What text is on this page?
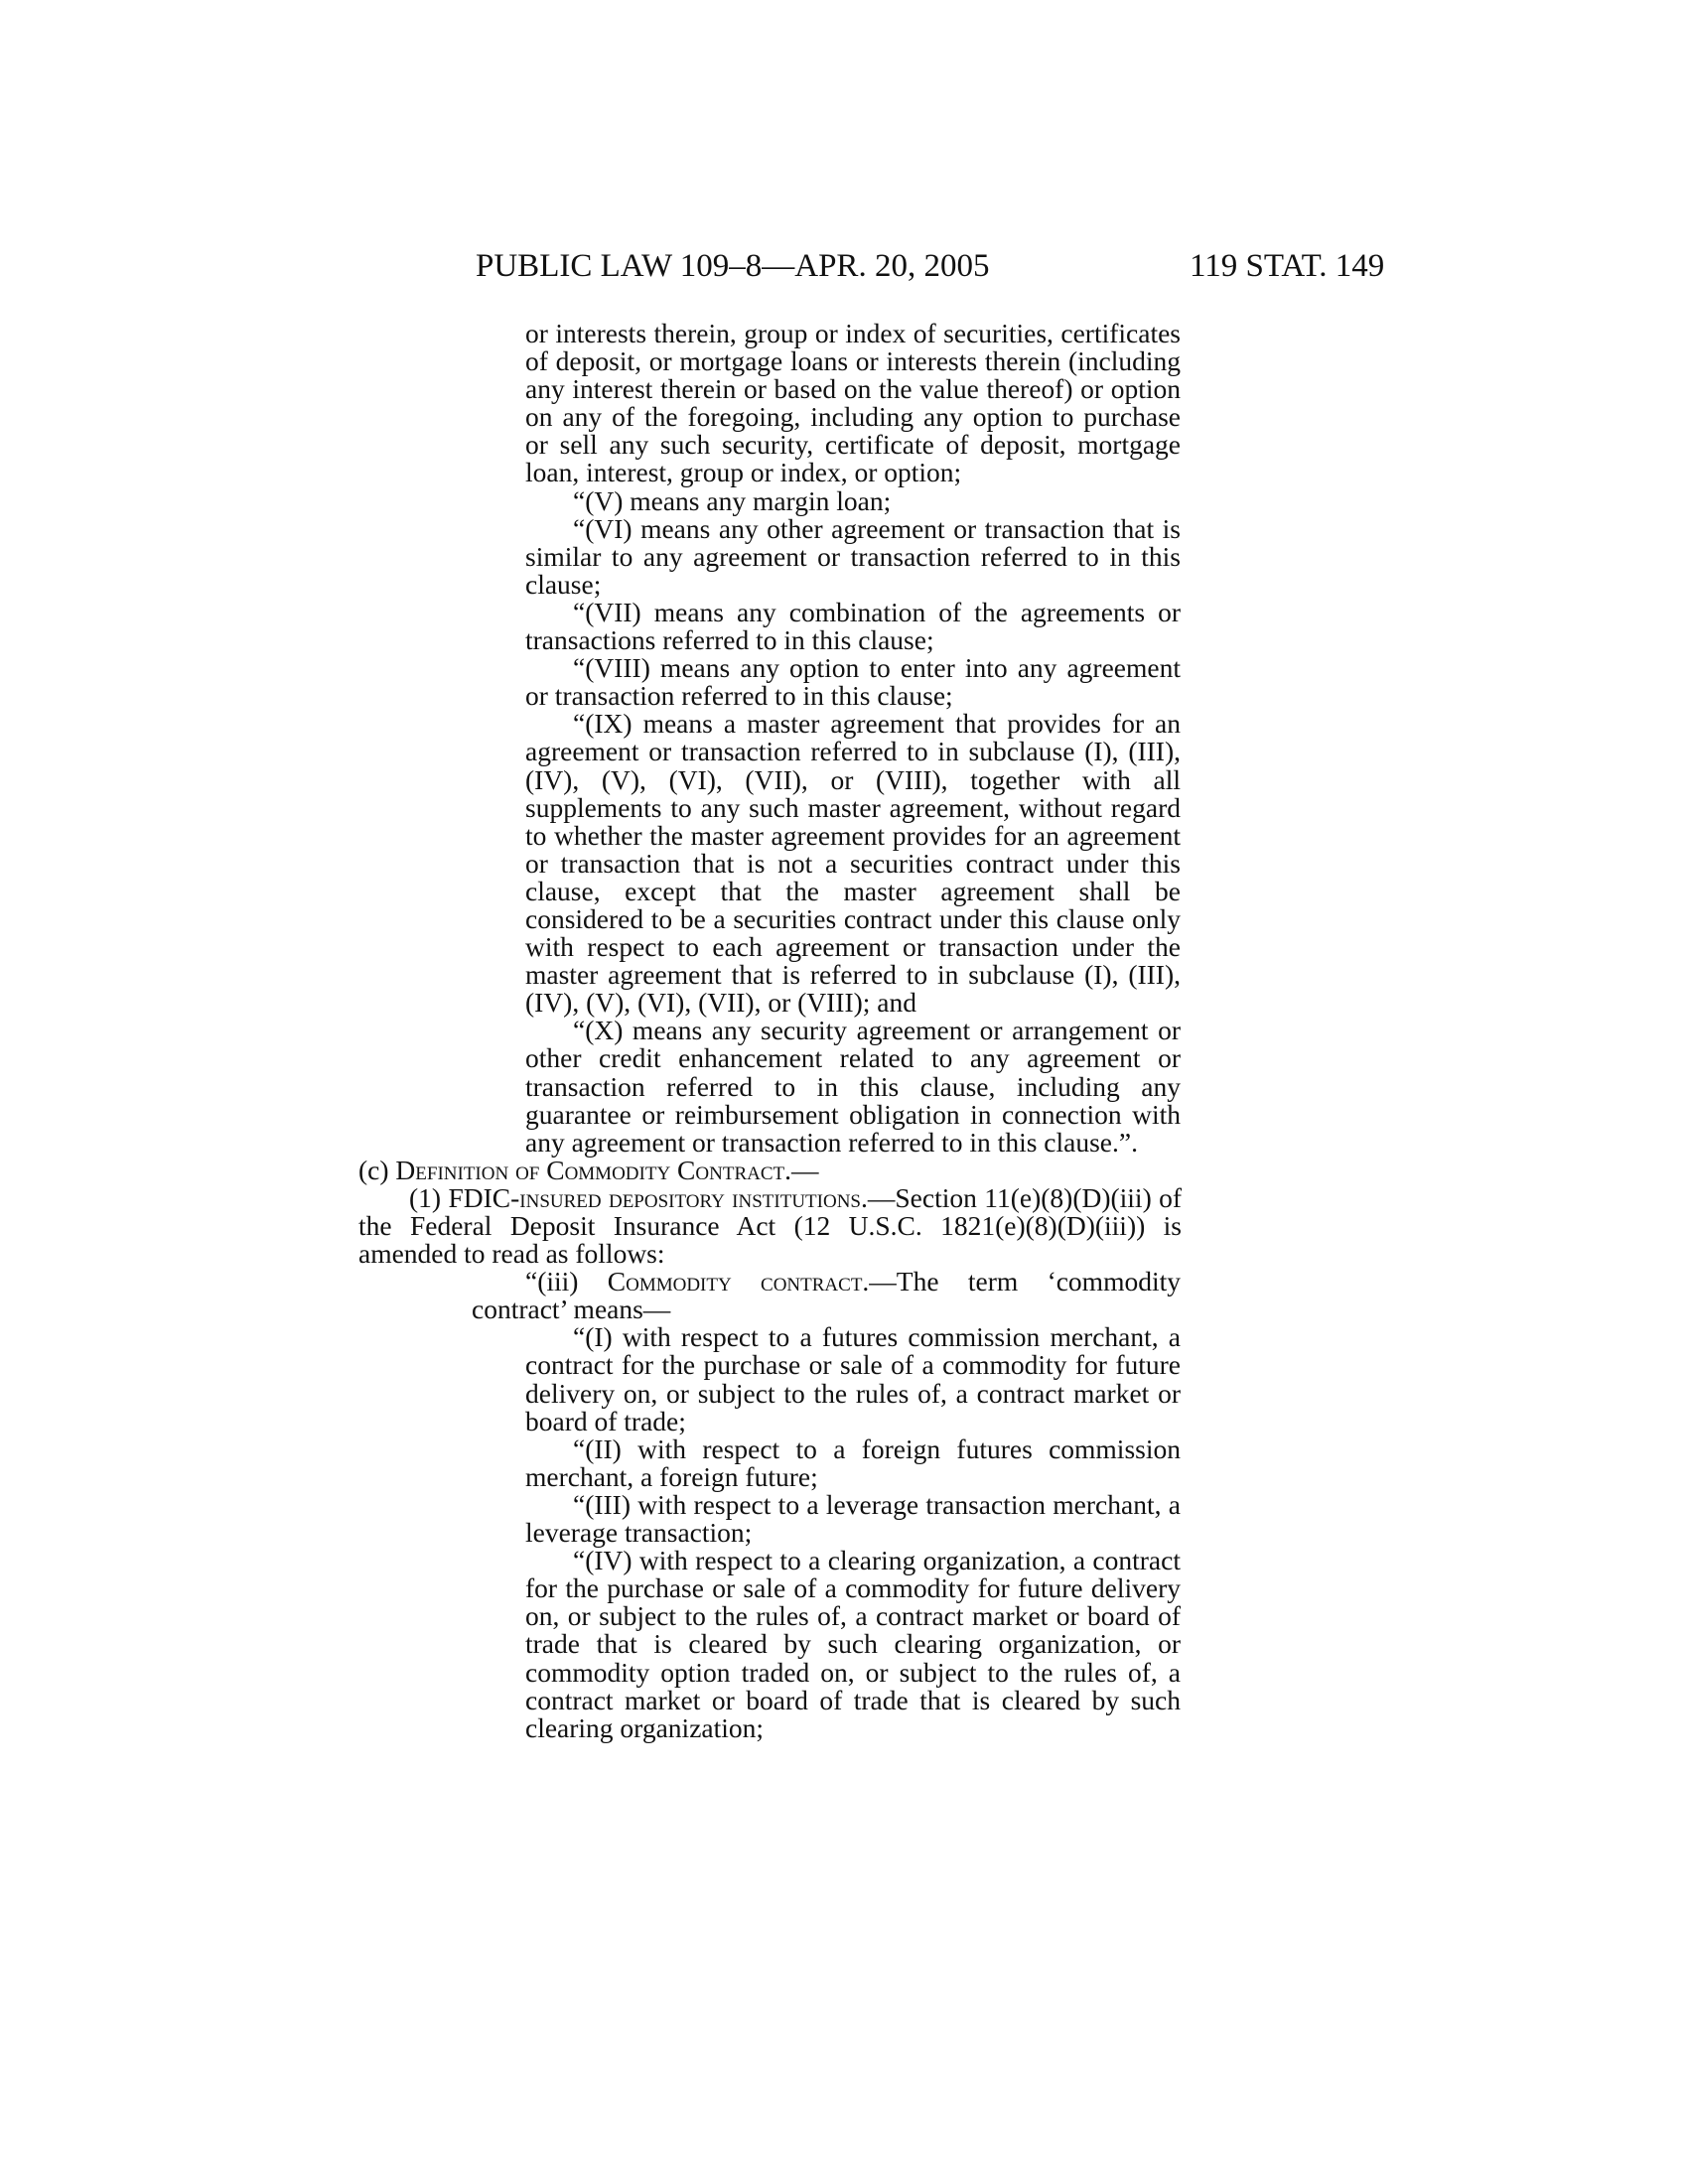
PUBLIC LAW 109–8—APR. 20, 2005	119 STAT. 149

or interests therein, group or index of securities, certificates of deposit, or mortgage loans or interests therein (including any interest therein or based on the value thereof) or option on any of the foregoing, including any option to purchase or sell any such security, certificate of deposit, mortgage loan, interest, group or index, or option;

“(V) means any margin loan;

“(VI) means any other agreement or transaction that is similar to any agreement or transaction referred to in this clause;

“(VII) means any combination of the agreements or transactions referred to in this clause;

“(VIII) means any option to enter into any agreement or transaction referred to in this clause;

“(IX) means a master agreement that provides for an agreement or transaction referred to in subclause (I), (III), (IV), (V), (VI), (VII), or (VIII), together with all supplements to any such master agreement, without regard to whether the master agreement provides for an agreement or transaction that is not a securities contract under this clause, except that the master agreement shall be considered to be a securities contract under this clause only with respect to each agreement or transaction under the master agreement that is referred to in subclause (I), (III), (IV), (V), (VI), (VII), or (VIII); and

“(X) means any security agreement or arrangement or other credit enhancement related to any agreement or transaction referred to in this clause, including any guarantee or reimbursement obligation in connection with any agreement or transaction referred to in this clause.”.

(c) Definition of Commodity Contract.—

(1) FDIC-insured depository institutions.—Section 11(e)(8)(D)(iii) of the Federal Deposit Insurance Act (12 U.S.C. 1821(e)(8)(D)(iii)) is amended to read as follows:

“(iii) Commodity contract.—The term ‘commodity contract’ means—

“(I) with respect to a futures commission merchant, a contract for the purchase or sale of a commodity for future delivery on, or subject to the rules of, a contract market or board of trade;

“(II) with respect to a foreign futures commission merchant, a foreign future;

“(III) with respect to a leverage transaction merchant, a leverage transaction;

“(IV) with respect to a clearing organization, a contract for the purchase or sale of a commodity for future delivery on, or subject to the rules of, a contract market or board of trade that is cleared by such clearing organization, or commodity option traded on, or subject to the rules of, a contract market or board of trade that is cleared by such clearing organization;
